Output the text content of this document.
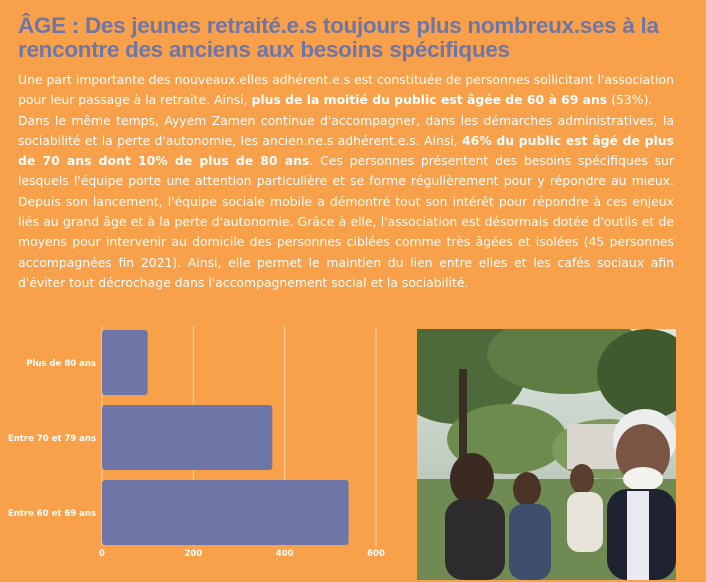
ÂGE : Des jeunes retraité.e.s toujours plus nombreux.ses à la rencontre des anciens aux besoins spécifiques

Une part importante des nouveaux.elles adhérent.e.s est constituée de personnes sollicitant l'association pour leur passage à la retraite. Ainsi, plus de la moitié du public est âgée de 60 à 69 ans (53%).

Dans le même temps, Ayyem Zamen continue d'accompagner, dans les démarches administratives, la sociabilité et la perte d'autonomie, les ancien.ne.s adhérent.e.s. Ainsi, 46% du public est âgé de plus de 70 ans dont 10% de plus de 80 ans. Ces personnes présentent des besoins spécifiques sur lesquels l'équipe porte une attention particulière et se forme régulièrement pour y répondre au mieux. Depuis son lancement, l'équipe sociale mobile a démontré tout son intérêt pour répondre à ces enjeux liés au grand âge et à la perte d'autonomie. Grâce à elle, l'association est désormais dotée d'outils et de moyens pour intervenir au domicile des personnes ciblées comme très âgées et isolées (45 personnes accompagnées fin 2021). Ainsi, elle permet le maintien du lien entre elles et les cafés sociaux afin d'éviter tout décrochage dans l'accompagnement social et la sociabilité.

Plus de 80 ans
Entre 70 et 79 ans
Entre 60 et 69 ans
0	200	400	600
